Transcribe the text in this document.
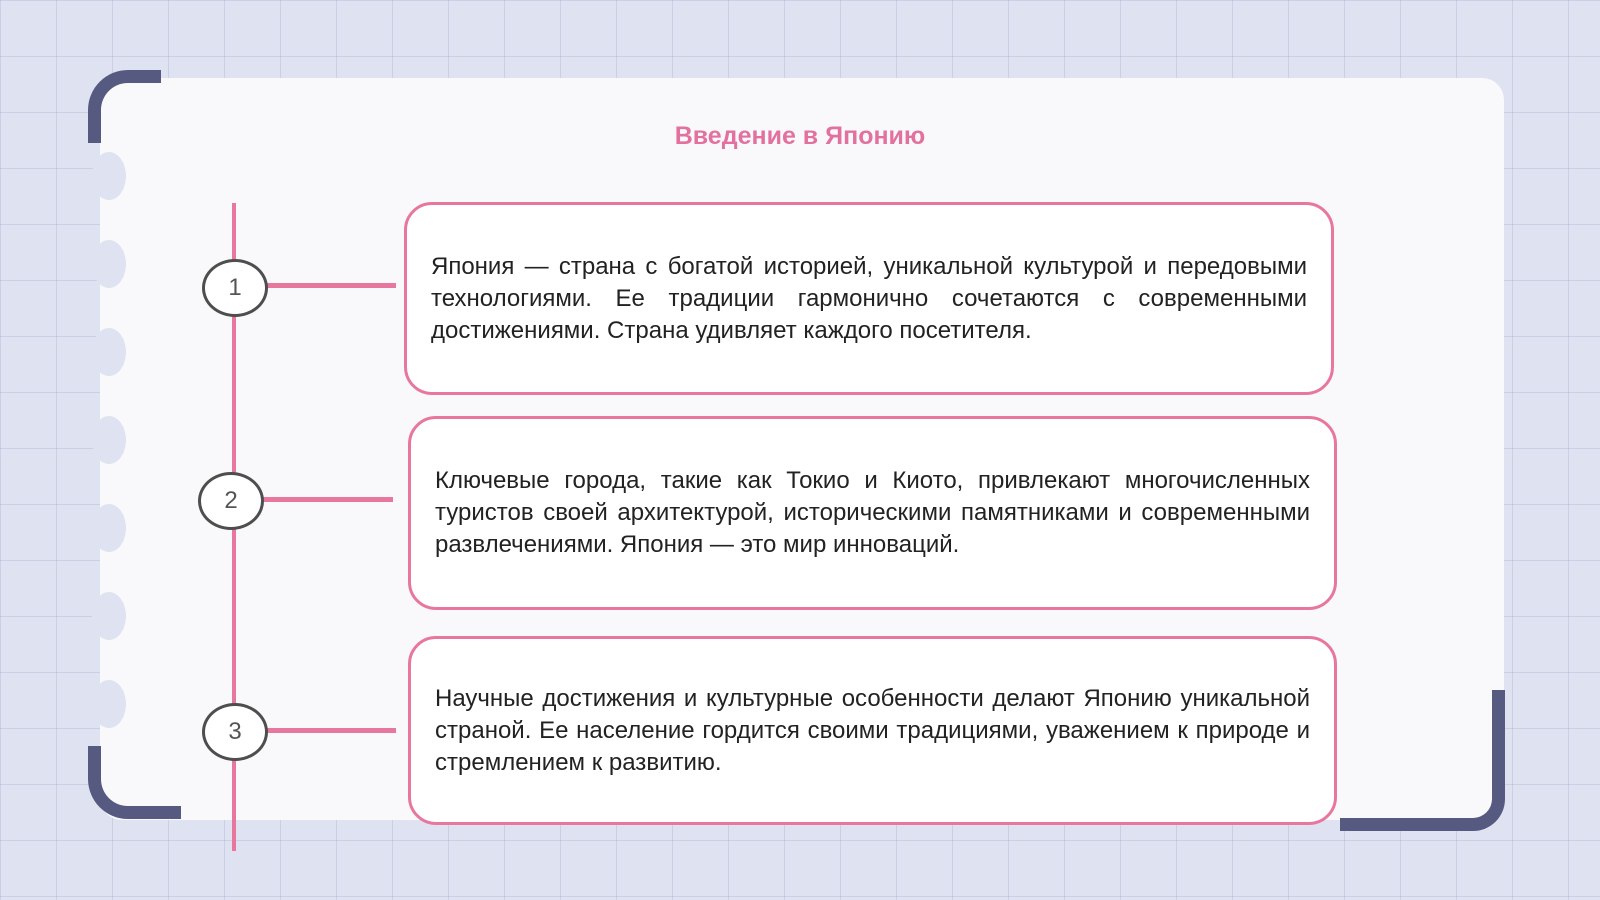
Введение в Японию
1
2
3

Япония — страна с богатой историей, уникальной культурой и передовыми технологиями. Ее традиции гармонично сочетаются с современными достижениями. Страна удивляет каждого посетителя.

Ключевые города, такие как Токио и Киото, привлекают многочисленных туристов своей архитектурой, историческими памятниками и современными развлечениями. Япония — это мир инноваций.

Научные достижения и культурные особенности делают Японию уникальной страной. Ее население гордится своими традициями, уважением к природе и стремлением к развитию.
